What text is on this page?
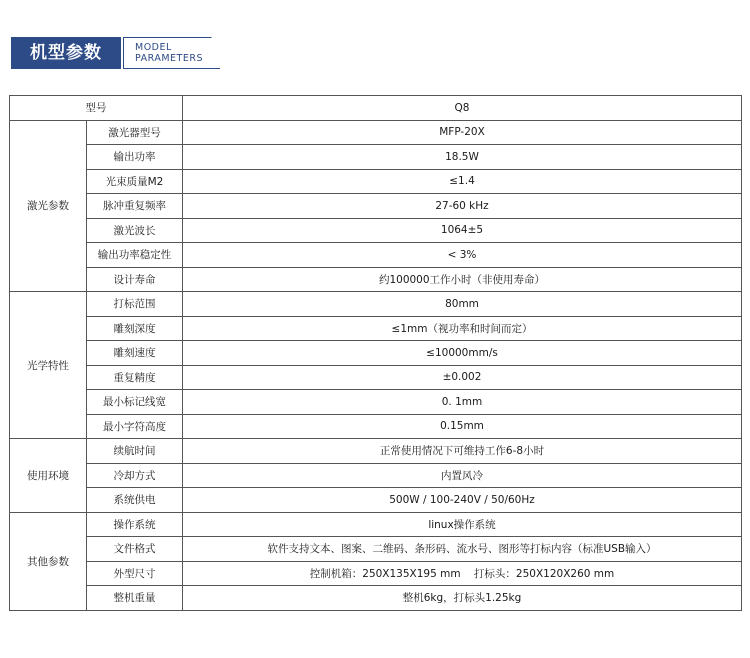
机型参数	MODEL
PARAMETERS
型号		Q8
激光参数	激光器型号	MFP-20X
	输出功率	18.5W
	光束质量M2	≤1.4
	脉冲重复频率	27-60 kHz
	激光波长	1064±5
	输出功率稳定性	< 3%
	设计寿命	约100000工作小时（非使用寿命）
光学特性	打标范围	80mm
	雕刻深度	≤1mm（视功率和时间而定）
	雕刻速度	≤10000mm/s
	重复精度	±0.002
	最小标记线宽	0. 1mm
	最小字符高度	0.15mm
使用环境	续航时间	正常使用情况下可维持工作6-8小时
	冷却方式	内置风冷
	系统供电	500W / 100-240V / 50/60Hz
其他参数	操作系统	linux操作系统
	文件格式	软件支持文本、图案、二维码、条形码、流水号、图形等打标内容（标准USB输入）
	外型尺寸	控制机箱：250X135X195 mm    打标头：250X120X260 mm
	整机重量	整机6kg，打标头1.25kg
